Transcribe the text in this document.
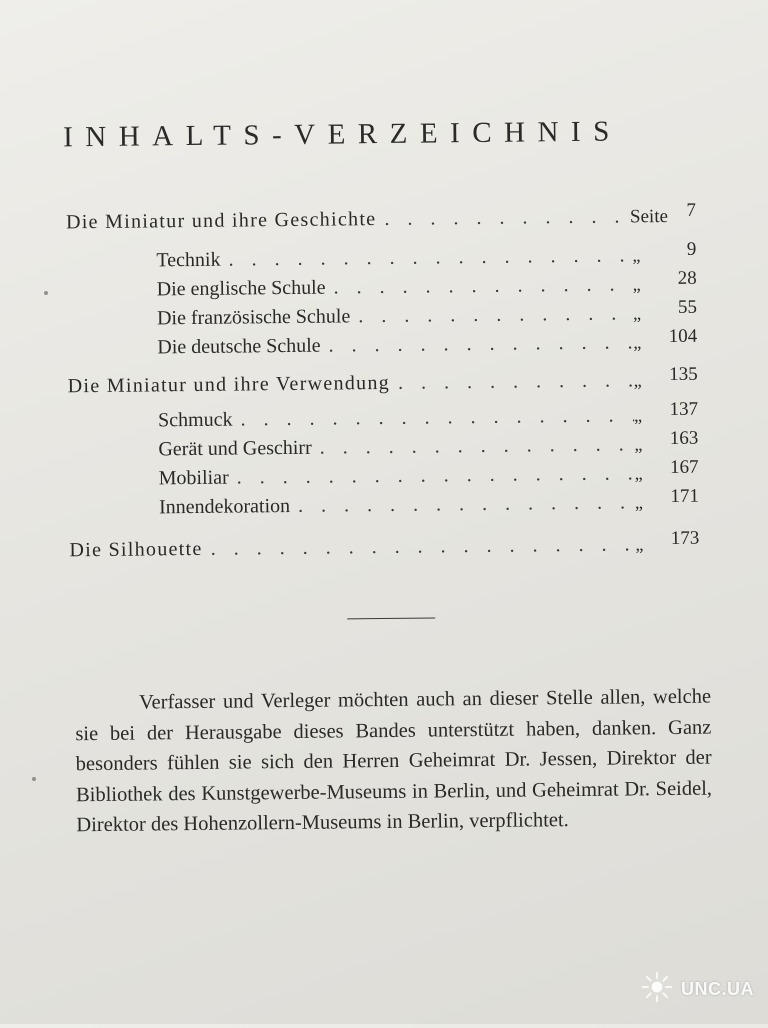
INHALTS-VERZEICHNIS
Die Miniatur und ihre Geschichte . . .	Seite 7
Technik . . .	„	9
Die englische Schule . . .	„	28
Die französische Schule . . .	„	55
Die deutsche Schule . . .	„	104
Die Miniatur und ihre Verwendung . . .	„	135
Schmuck . . .	„	137
Gerät und Geschirr . . .	„	163
Mobiliar . . .	„	167
Innendekoration . . .	„	171
Die Silhouette . . .	„	173

Verfasser und Verleger möchten auch an dieser Stelle allen, welche sie bei der Herausgabe dieses Bandes unterstützt haben, danken. Ganz besonders fühlen sie sich den Herren Geheimrat Dr. Jessen, Direktor der Bibliothek des Kunstgewerbe-Museums in Berlin, und Geheimrat Dr. Seidel, Direktor des Hohenzollern-Museums in Berlin, verpflichtet.

UNC.UA
